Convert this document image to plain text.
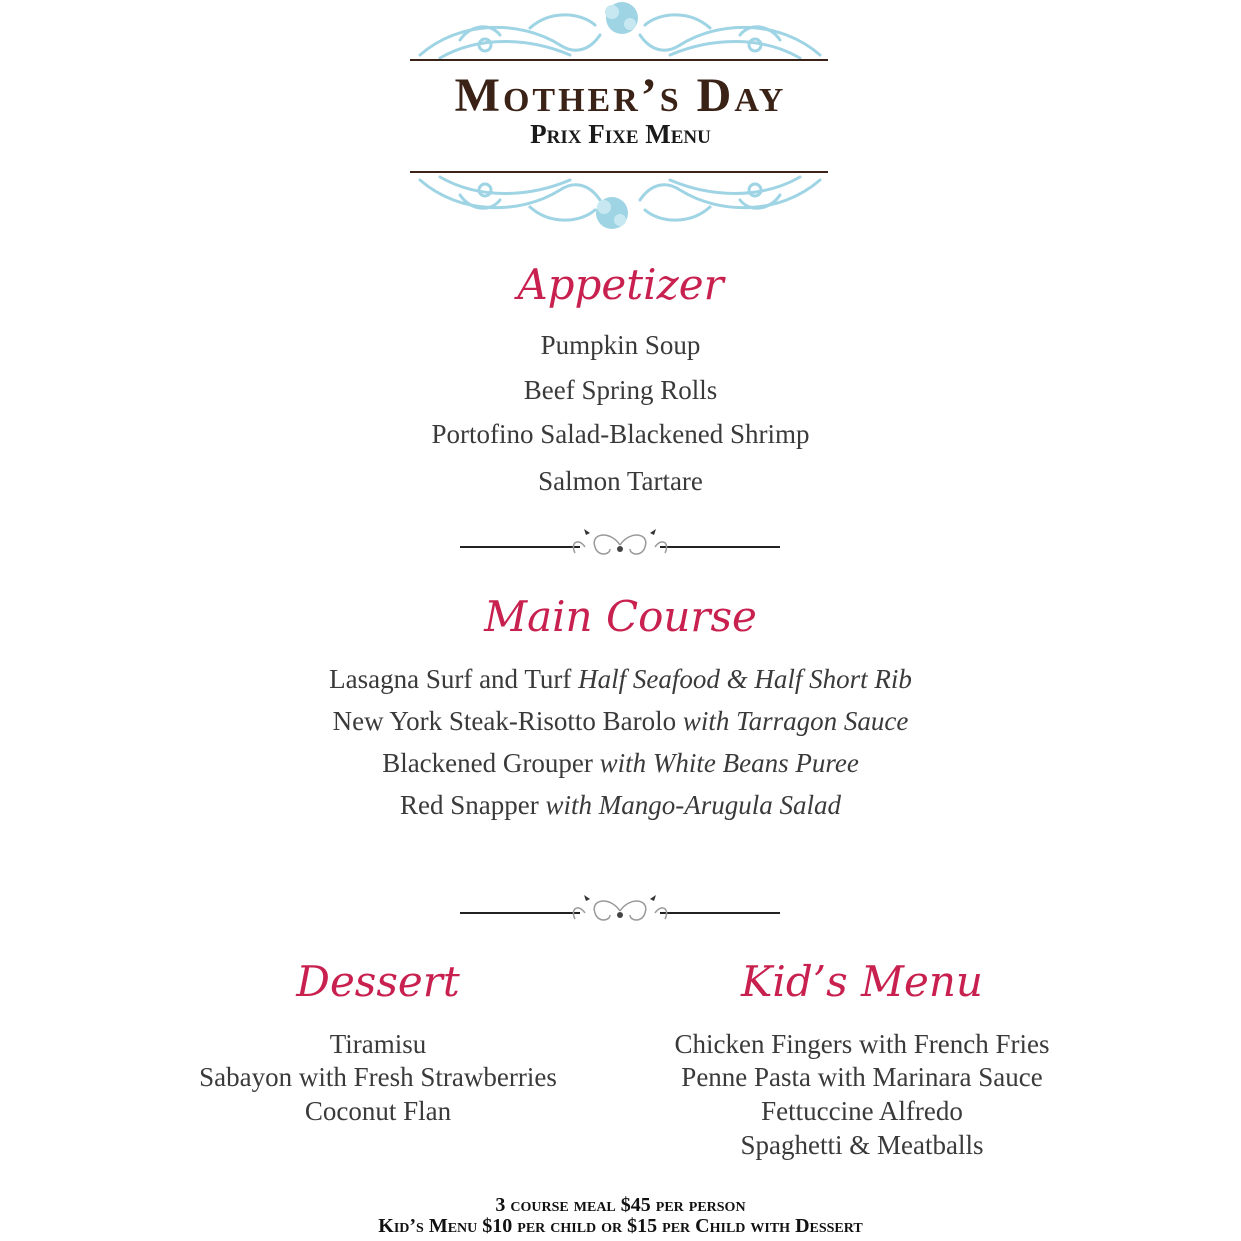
Mother’s Day
Prix Fixe Menu
Appetizer
Pumpkin Soup
Beef Spring Rolls
Portofino Salad-Blackened Shrimp
Salmon Tartare
Main Course
Lasagna Surf and Turf Half Seafood & Half Short Rib
New York Steak-Risotto Barolo with Tarragon Sauce
Blackened Grouper with White Beans Puree
Red Snapper with Mango-Arugula Salad
Dessert
Tiramisu
Sabayon with Fresh Strawberries
Coconut Flan
Kid’s Menu
Chicken Fingers with French Fries
Penne Pasta with Marinara Sauce
Fettuccine Alfredo
Spaghetti & Meatballs
3 course meal $45 per person
Kid’s Menu $10 per child or $15 per Child with Dessert
